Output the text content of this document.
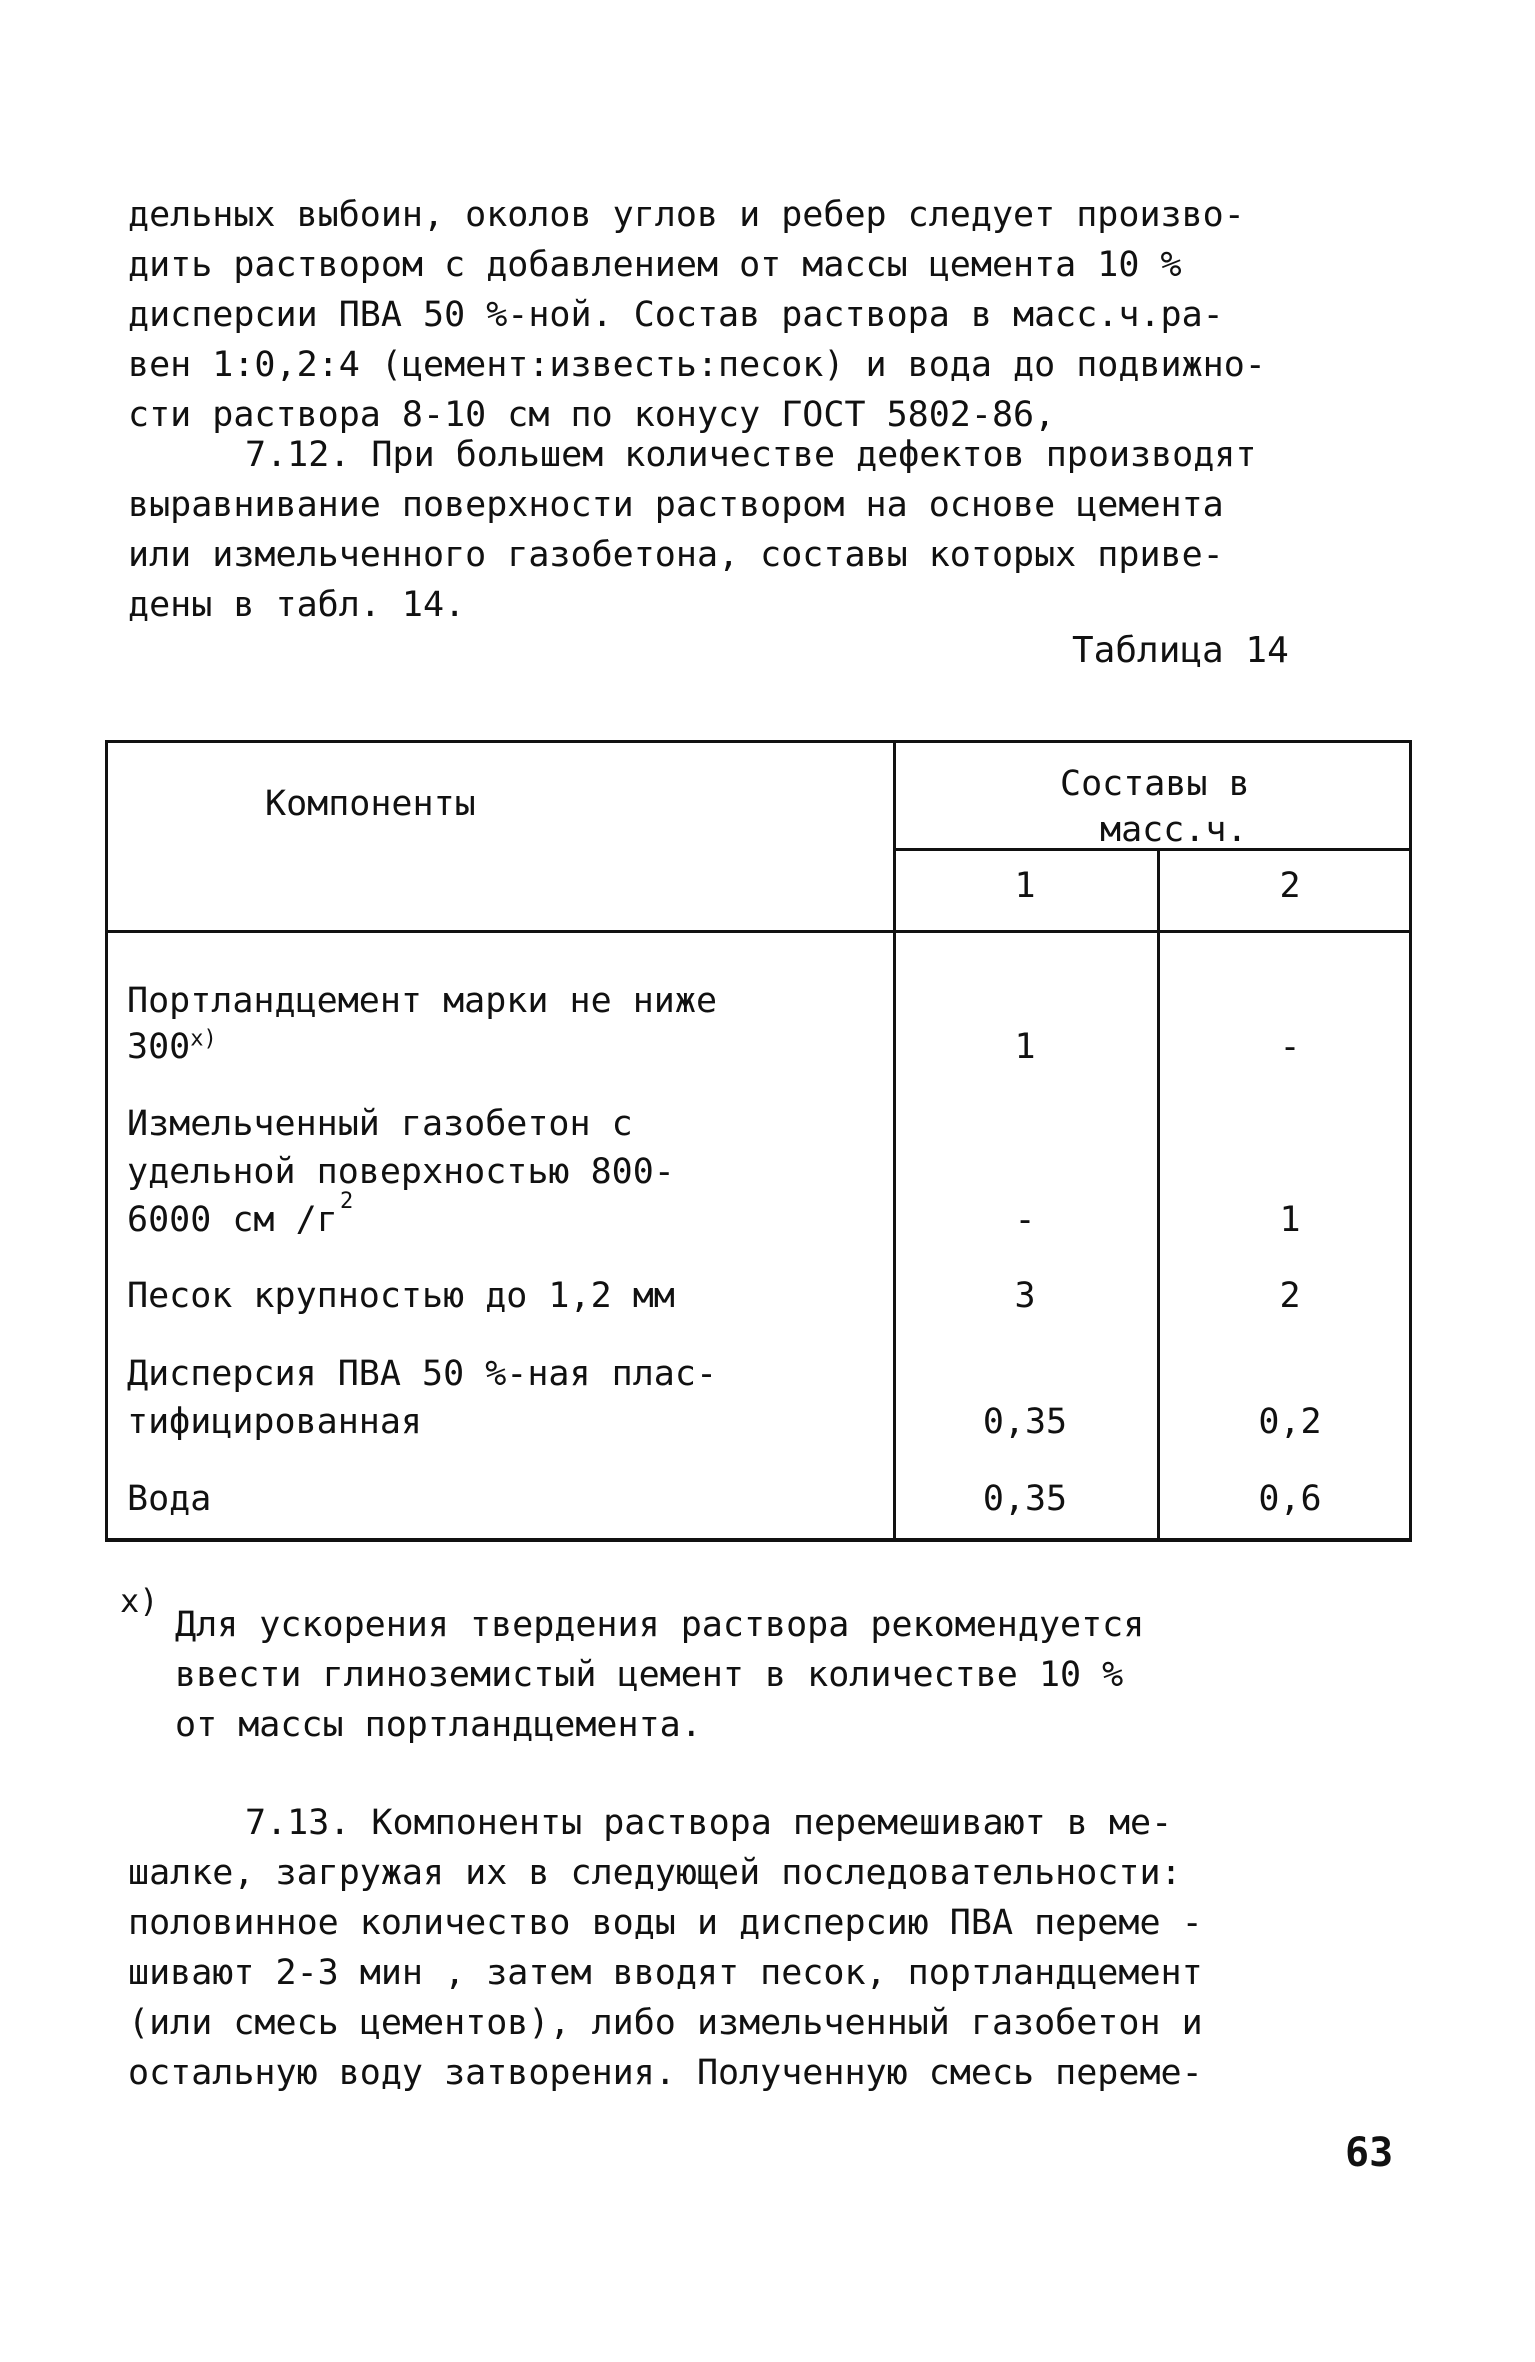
дельных выбоин, околов углов и ребер следует произво-
дить раствором с добавлением от массы цемента 10 %
дисперсии ПВА 50 %-ной. Состав раствора в масс.ч.ра-
вен 1:0,2:4 (цемент:известь:песок) и вода до подвижно-
сти раствора 8-10 см по конусу ГОСТ 5802-86,
7.12. При большем количестве дефектов производят
выравнивание поверхности раствором на основе цемента
или измельченного газобетона, составы которых приве-
дены в табл. 14.
Таблица 14
Компоненты	Составы в
масс.ч.
1	2
Портландцемент марки не ниже
300$^{x)}$	1	-
Измельченный газобетон с
удельной поверхностью 800-
6000 см /г 2	-	1
Песок крупностью до 1,2 мм	3	2
Дисперсия ПВА 50 %-ная плас-
тифицированная	0,35	0,2
Вода	0,35	0,6
x)
Для ускорения твердения раствора рекомендуется
ввести глиноземистый цемент в количестве 10 %
от массы портландцемента.
7.13. Компоненты раствора перемешивают в ме-
шалке, загружая их в следующей последовательности:
половинное количество воды и дисперсию ПВА переме -
шивают 2-3 мин , затем вводят песок, портландцемент
(или смесь цементов), либо измельченный газобетон и
остальную воду затворения. Полученную смесь переме-
63
